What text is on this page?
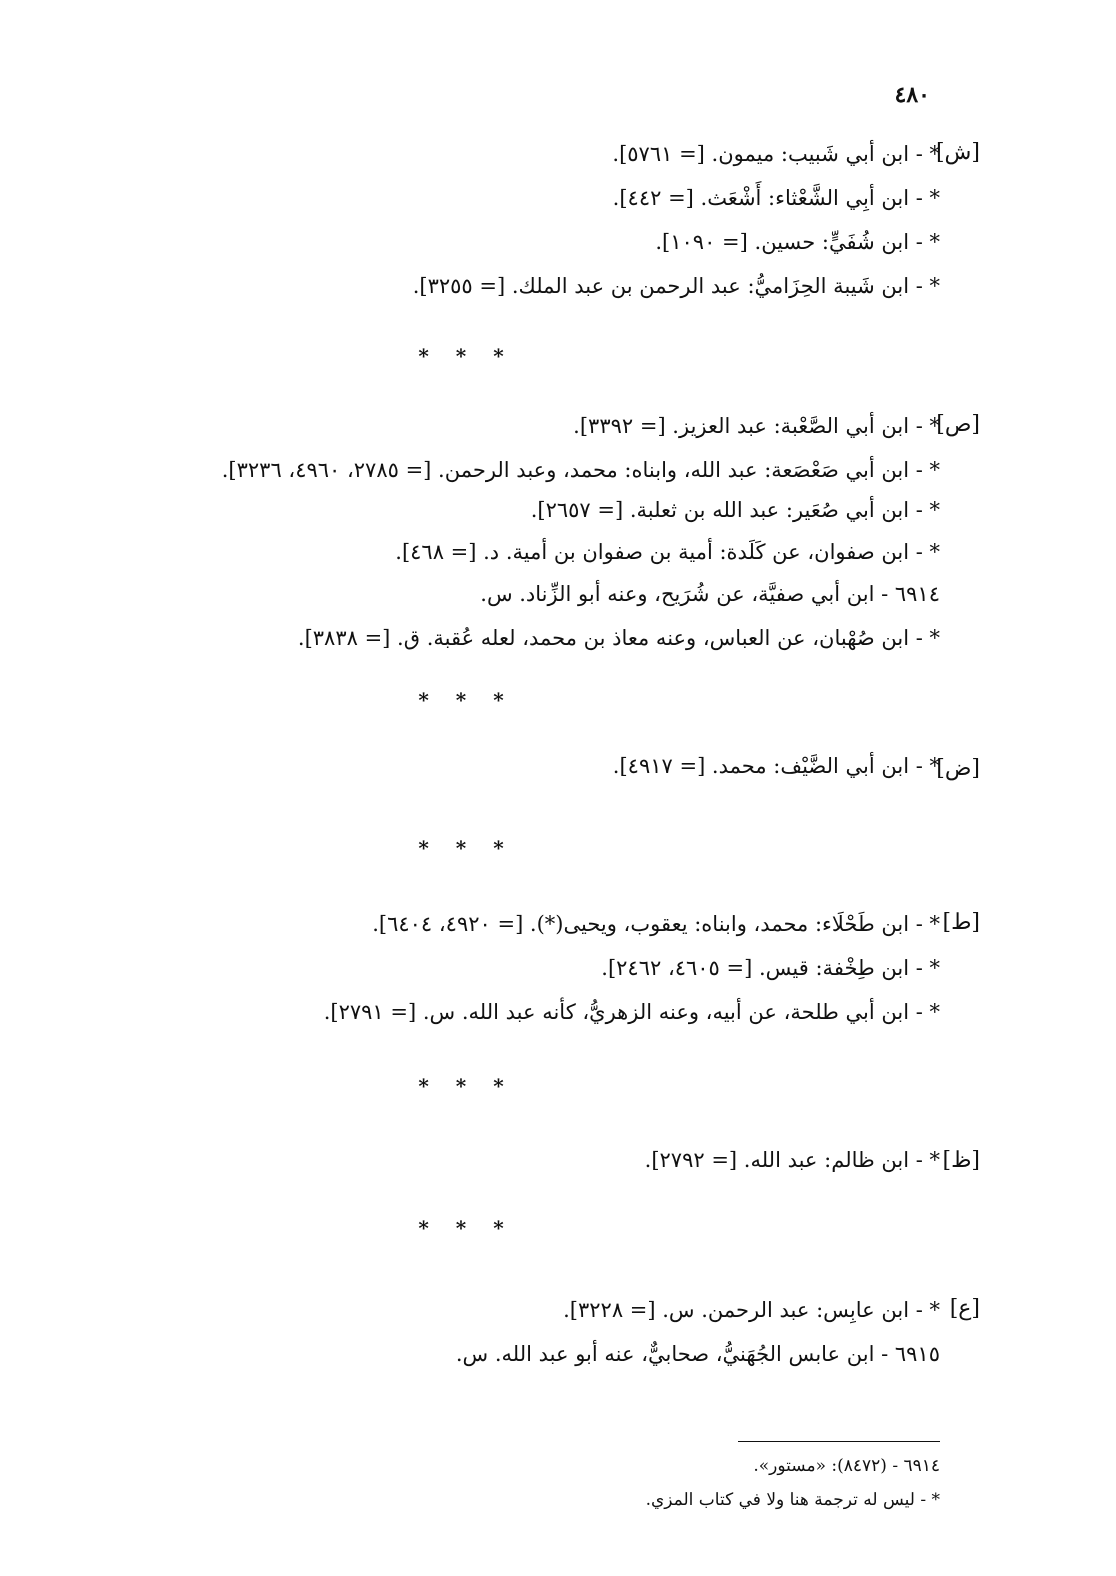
٤٨٠
[ش]
* - ابن أبي شَبيب: ميمون. [= ٥٧٦١].
* - ابن أبِي الشَّعْثاء: أَشْعَث. [= ٤٤٢].
* - ابن شُفَيٍّ: حسين. [= ١٠٩٠].
* - ابن شَيبة الحِزَاميُّ: عبد الرحمن بن عبد الملك. [= ٣٢٥٥].
* * *
[ص]
* - ابن أبي الصَّعْبة: عبد العزيز. [= ٣٣٩٢].
* - ابن أبي صَعْصَعة: عبد الله، وابناه: محمد، وعبد الرحمن. [= ٢٧٨٥، ٤٩٦٠، ٣٢٣٦].
* - ابن أبي صُعَير: عبد الله بن ثعلبة. [= ٢٦٥٧].
* - ابن صفوان، عن كَلَدة: أمية بن صفوان بن أمية. د. [= ٤٦٨].
٦٩١٤ - ابن أبي صفيَّة، عن شُرَيح، وعنه أبو الزِّناد. س.
* - ابن صُهْبان، عن العباس، وعنه معاذ بن محمد، لعله عُقبة. ق. [= ٣٨٣٨].
* * *
[ض]
* - ابن أبي الضَّيْف: محمد. [= ٤٩١٧].
* * *
[ط]
* - ابن طَحْلَاء: محمد، وابناه: يعقوب، ويحيى(*). [= ٤٩٢٠، ٦٤٠٤].
* - ابن طِخْفة: قيس. [= ٤٦٠٥، ٢٤٦٢].
* - ابن أبي طلحة، عن أبيه، وعنه الزهريُّ، كأنه عبد الله. س. [= ٢٧٩١].
* * *
[ظ]
* - ابن ظالم: عبد الله. [= ٢٧٩٢].
* * *
[ع]
* - ابن عابِس: عبد الرحمن. س. [= ٣٢٢٨].
٦٩١٥ - ابن عابس الجُهَنيُّ، صحابيٌّ، عنه أبو عبد الله. س.
٦٩١٤ - (٨٤٧٢): «مستور».
* - ليس له ترجمة هنا ولا في كتاب المزي.
